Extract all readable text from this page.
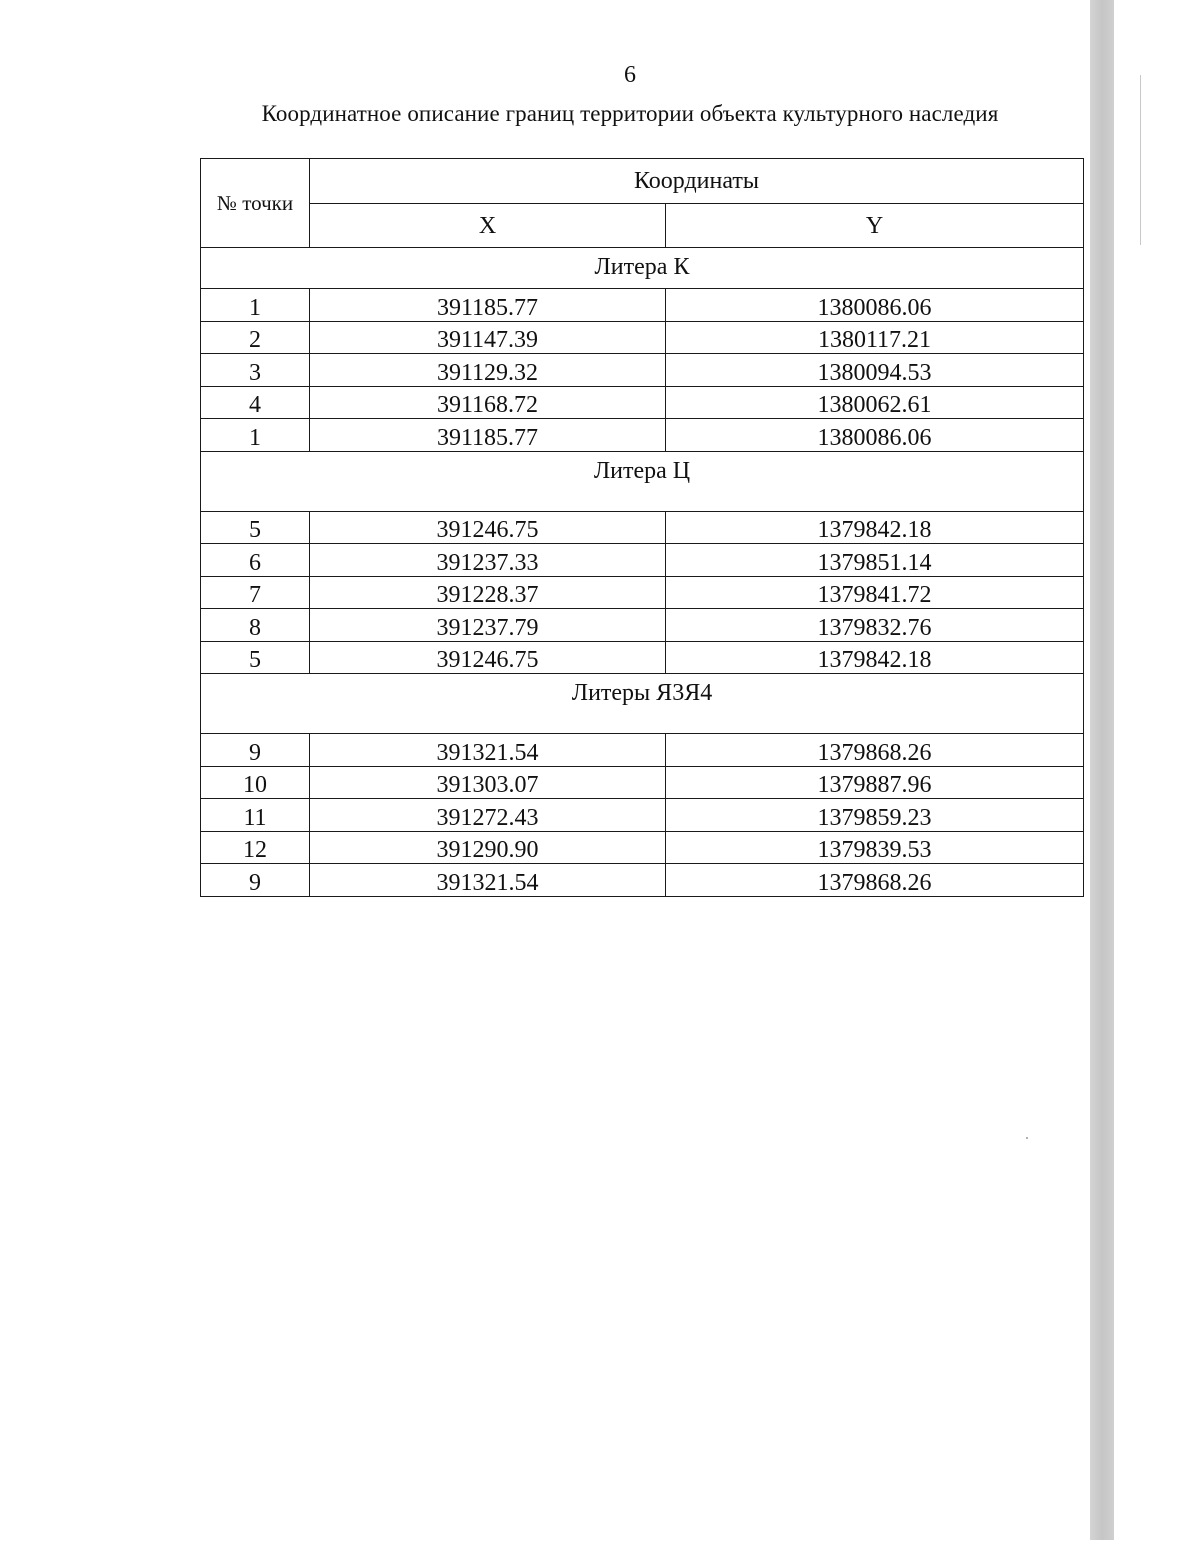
6
Координатное описание границ территории объекта культурного наследия
№ точки	Координаты	
	X	Y
Литера К		
1	391185.77	1380086.06
2	391147.39	1380117.21
3	391129.32	1380094.53
4	391168.72	1380062.61
1	391185.77	1380086.06
Литера Ц		
5	391246.75	1379842.18
6	391237.33	1379851.14
7	391228.37	1379841.72
8	391237.79	1379832.76
5	391246.75	1379842.18
Литеры Я3Я4		
9	391321.54	1379868.26
10	391303.07	1379887.96
11	391272.43	1379859.23
12	391290.90	1379839.53
9	391321.54	1379868.26
